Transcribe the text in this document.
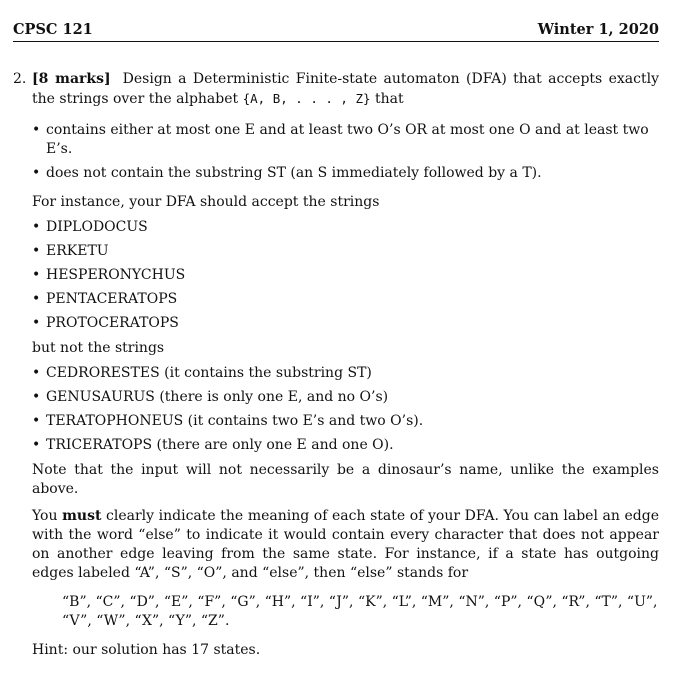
CPSC 121	Winter 1, 2020
2. [8 marks] Design a Deterministic Finite-state automaton (DFA) that accepts exactly the strings over the alphabet {A, B, . . . , Z} that
• contains either at most one E and at least two O’s OR at most one O and at least two E’s.
• does not contain the substring ST (an S immediately followed by a T).
For instance, your DFA should accept the strings
• DIPLODOCUS
• ERKETU
• HESPERONYCHUS
• PENTACERATOPS
• PROTOCERATOPS
but not the strings
• CEDRORESTES (it contains the substring ST)
• GENUSAURUS (there is only one E, and no O’s)
• TERATOPHONEUS (it contains two E’s and two O’s).
• TRICERATOPS (there are only one E and one O).
Note that the input will not necessarily be a dinosaur’s name, unlike the examples above.
You must clearly indicate the meaning of each state of your DFA. You can label an edge with the word “else” to indicate it would contain every character that does not appear on another edge leaving from the same state. For instance, if a state has outgoing edges labeled “A”, “S”, “O”, and “else”, then “else” stands for
“B”, “C”, “D”, “E”, “F”, “G”, “H”, “I”, “J”, “K”, “L”, “M”, “N”, “P”, “Q”, “R”, “T”, “U”, “V”, “W”, “X”, “Y”, “Z”.
Hint: our solution has 17 states.
